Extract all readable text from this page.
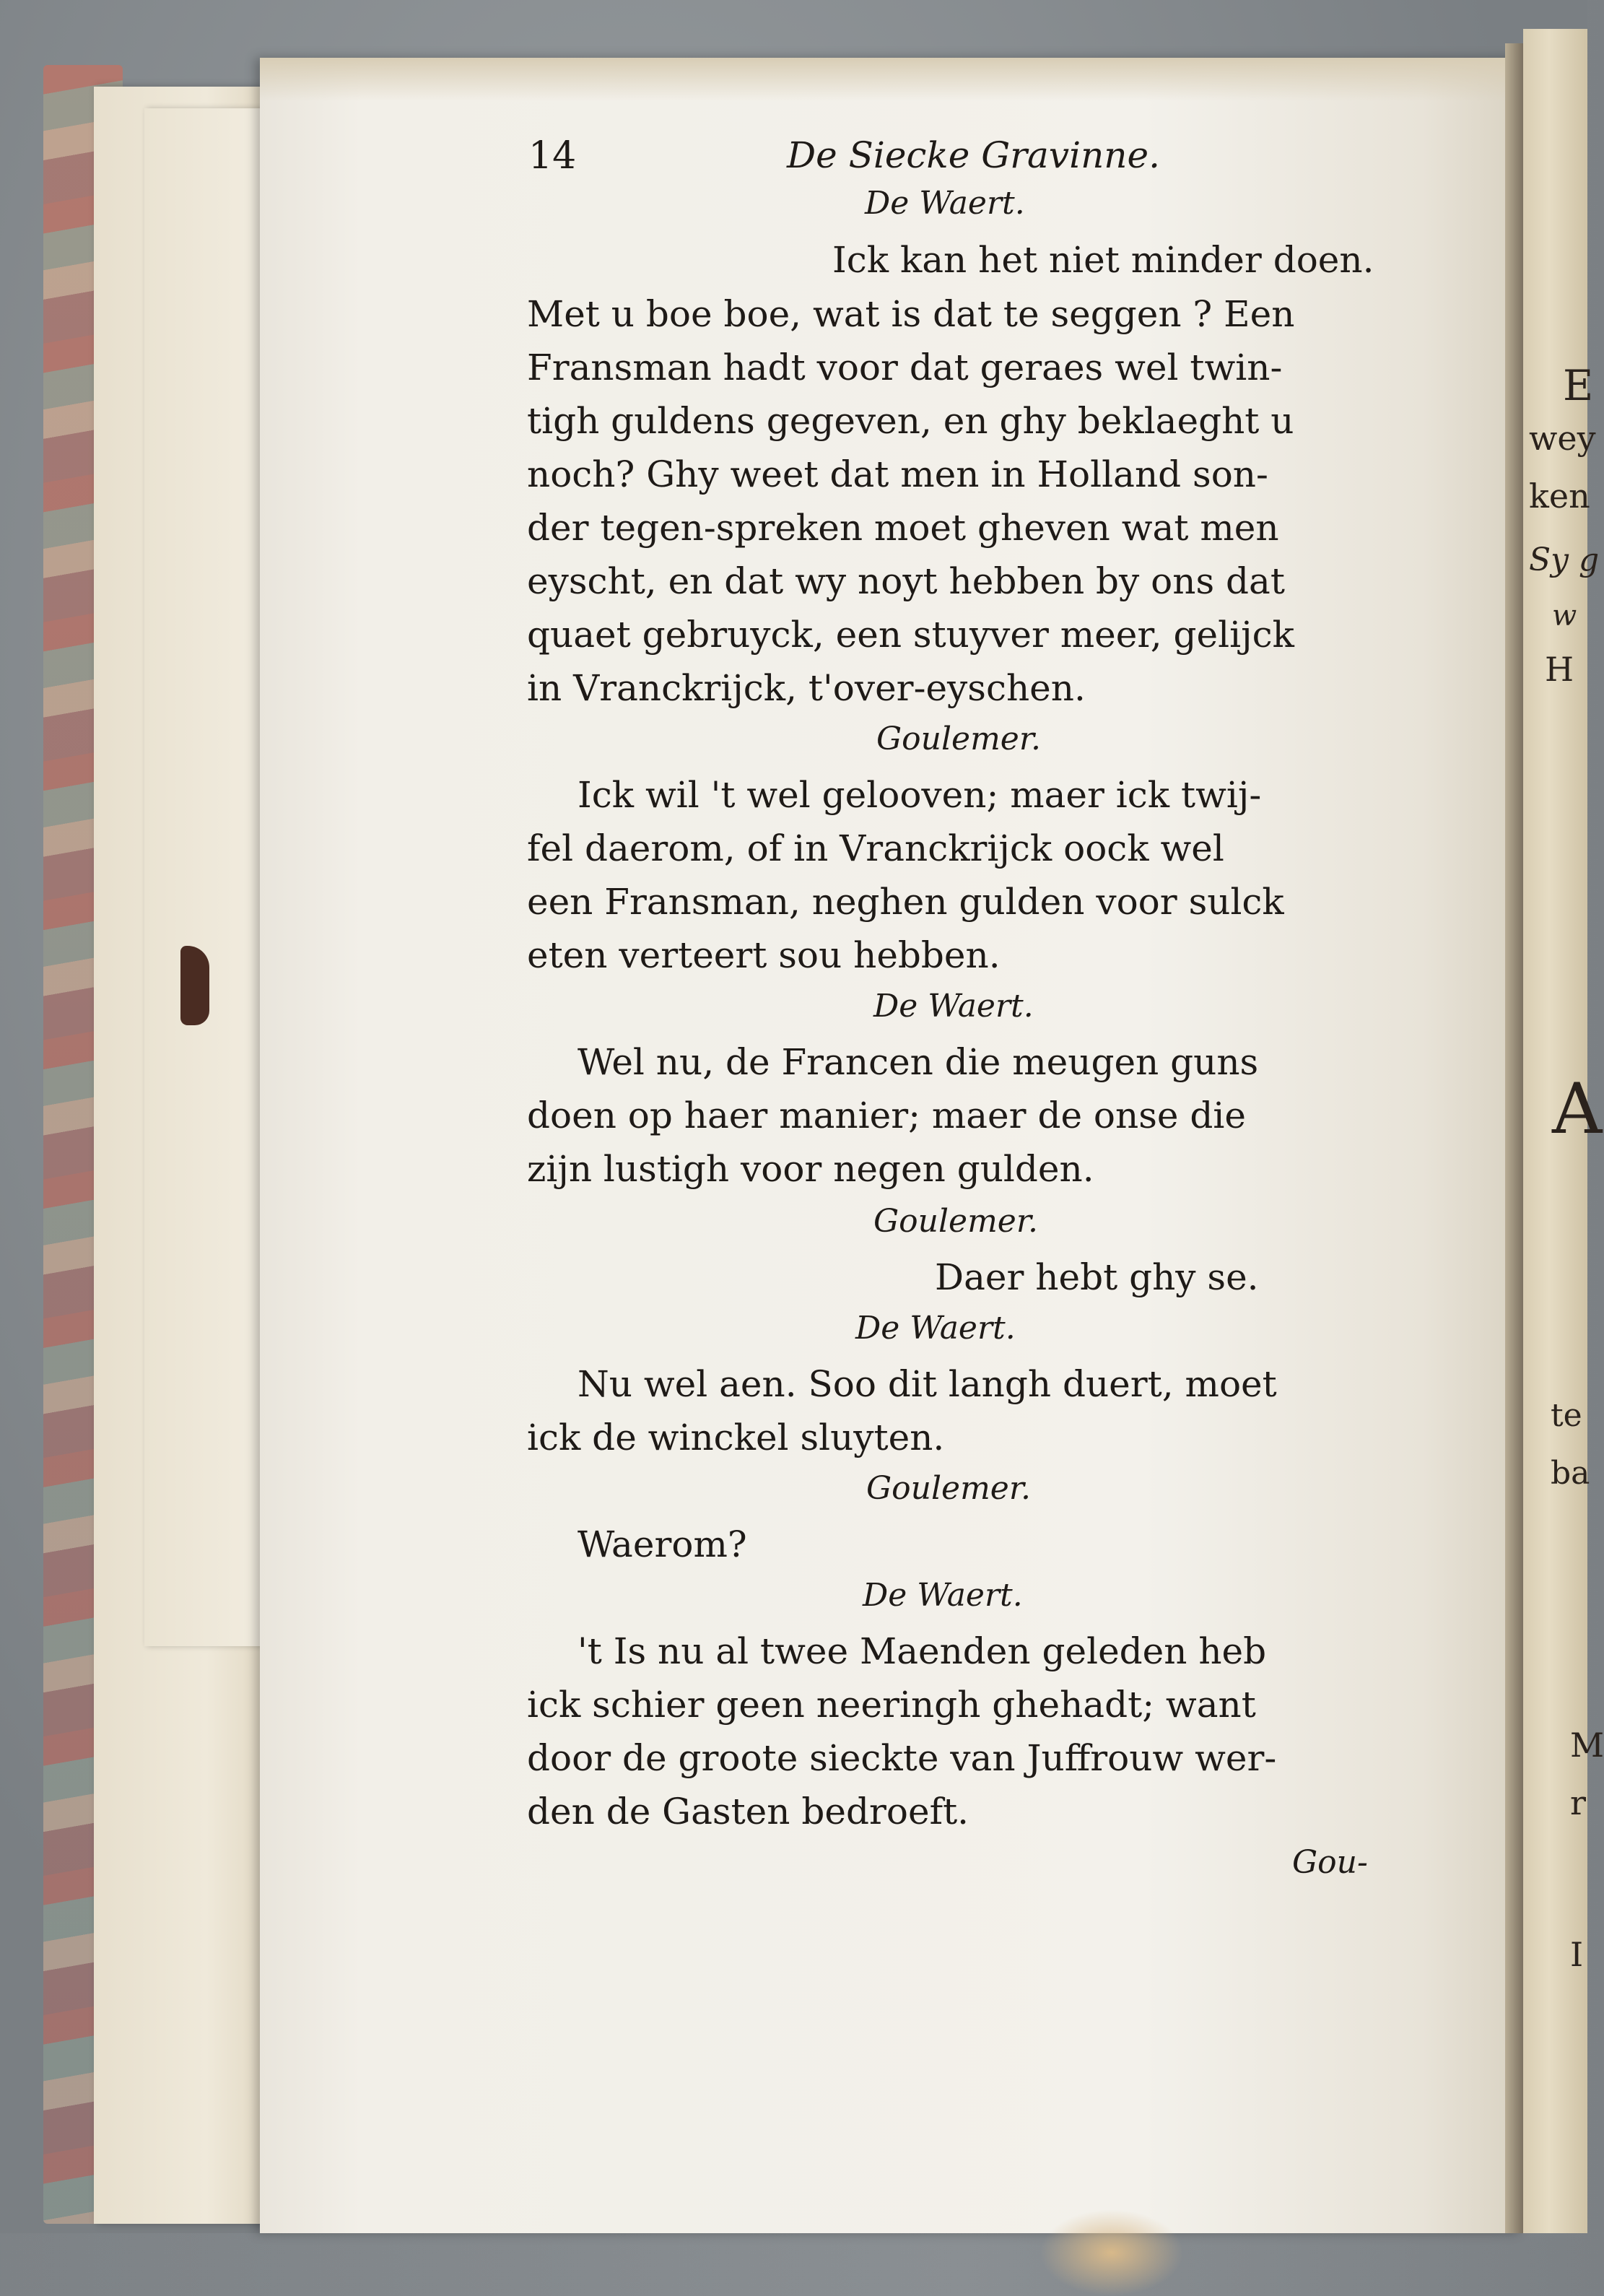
14	De Siecke Gravinne.
De Waert.
Ick kan het niet minder doen.
Met u boe boe, wat is dat te seggen ? Een
Fransman hadt voor dat geraes wel twin-
tigh guldens gegeven, en ghy beklaeght u
noch? Ghy weet dat men in Holland son-
der tegen-spreken moet gheven wat men
eyscht, en dat wy noyt hebben by ons dat
quaet gebruyck, een stuyver meer, gelijck
in Vranckrijck, t'over-eyschen.
Goulemer.
Ick wil 't wel gelooven; maer ick twij-
fel daerom, of in Vranckrijck oock wel
een Fransman, neghen gulden voor sulck
eten verteert sou hebben.
De Waert.
Wel nu, de Francen die meugen guns
doen op haer manier; maer de onse die
zijn lustigh voor negen gulden.
Goulemer.
Daer hebt ghy se.
De Waert.
Nu wel aen. Soo dit langh duert, moet
ick de winckel sluyten.
Goulemer.
Waerom?
De Waert.
't Is nu al twee Maenden geleden heb
ick schier geen neeringh ghehadt; want
door de groote sieckte van Juffrouw wer-
den de Gasten bedroeft.
Gou-
E
wey
ken
Sy g
w
H
A
te
ba
M
r
I
